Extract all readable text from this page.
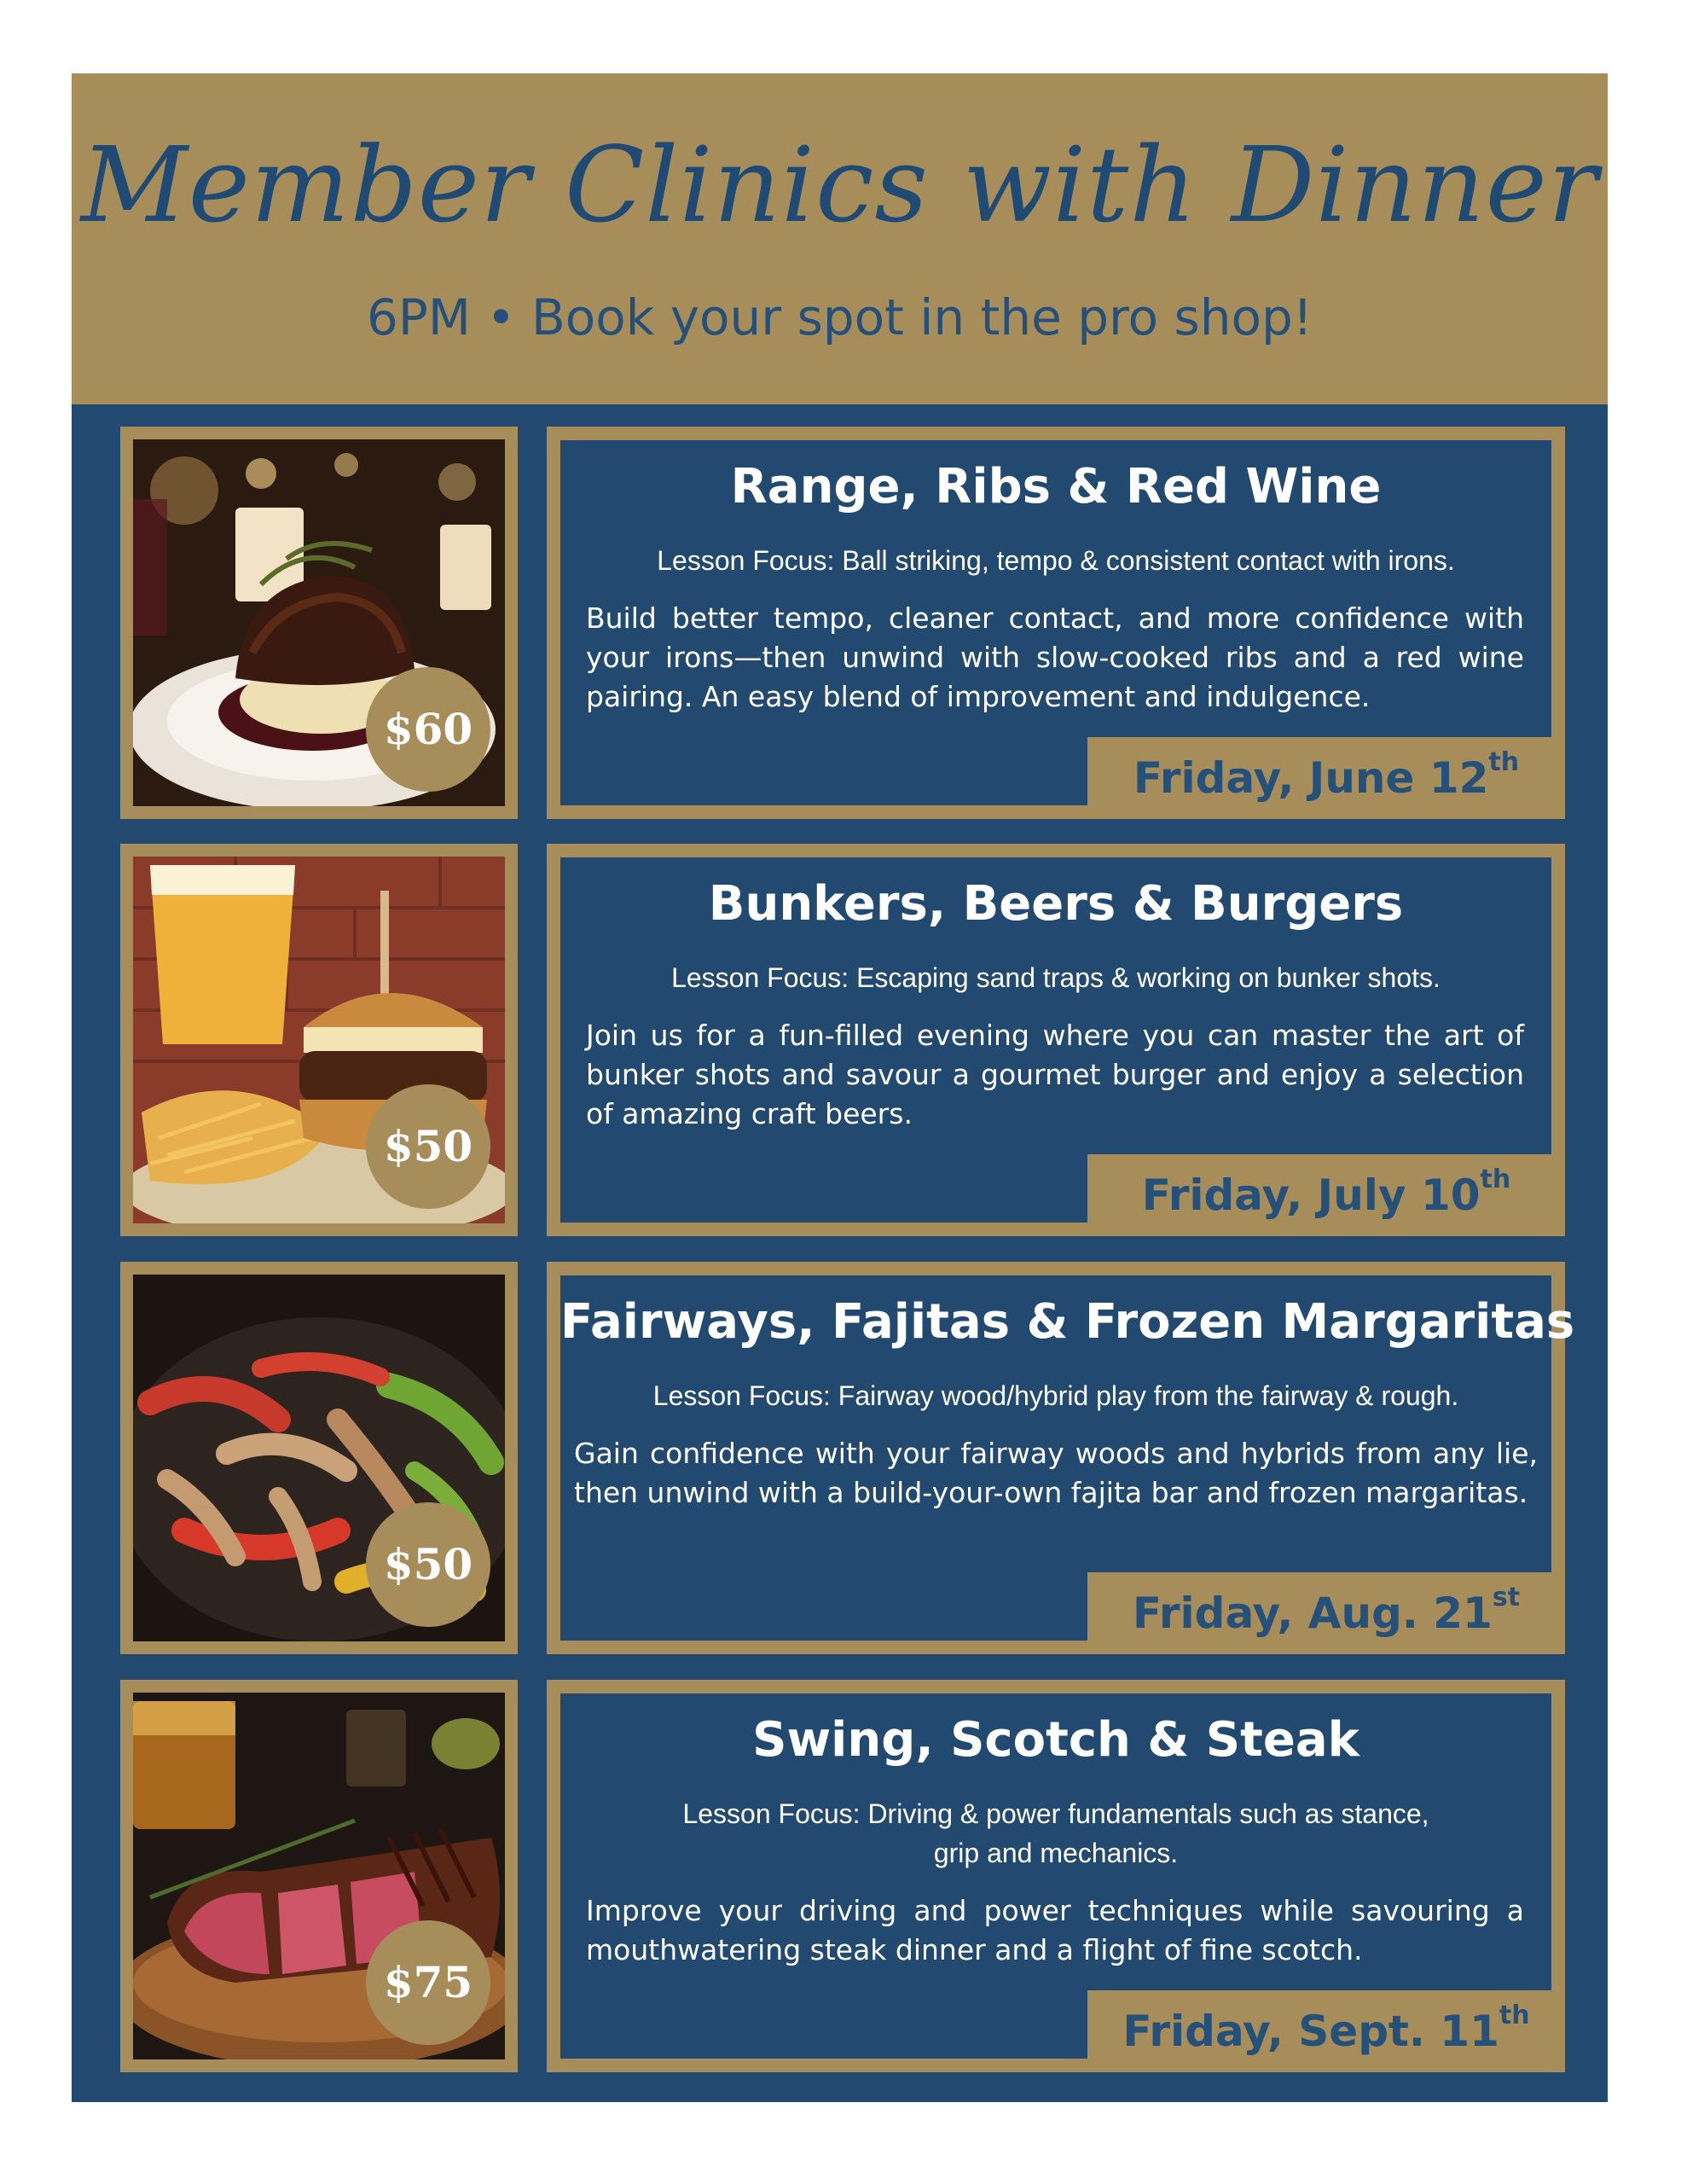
Member Clinics with Dinner
6PM • Book your spot in the pro shop!
$60
Range, Ribs & Red Wine
Lesson Focus: Ball striking, tempo & consistent contact with irons.
Build better tempo, cleaner contact, and more confidence with your irons—then unwind with slow-cooked ribs and a red wine pairing. An easy blend of improvement and indulgence.
Friday, June 12th
$50
Bunkers, Beers & Burgers
Lesson Focus: Escaping sand traps & working on bunker shots.
Join us for a fun-filled evening where you can master the art of bunker shots and savour a gourmet burger and enjoy a selection of amazing craft beers.
Friday, July 10th
$50
Fairways, Fajitas & Frozen Margaritas
Lesson Focus: Fairway wood/hybrid play from the fairway & rough.
Gain confidence with your fairway woods and hybrids from any lie, then unwind with a build-your-own fajita bar and frozen margaritas.
Friday, Aug. 21st
$75
Swing, Scotch & Steak
Lesson Focus: Driving & power fundamentals such as stance, grip and mechanics.
Improve your driving and power techniques while savouring a mouthwatering steak dinner and a flight of fine scotch.
Friday, Sept. 11th
